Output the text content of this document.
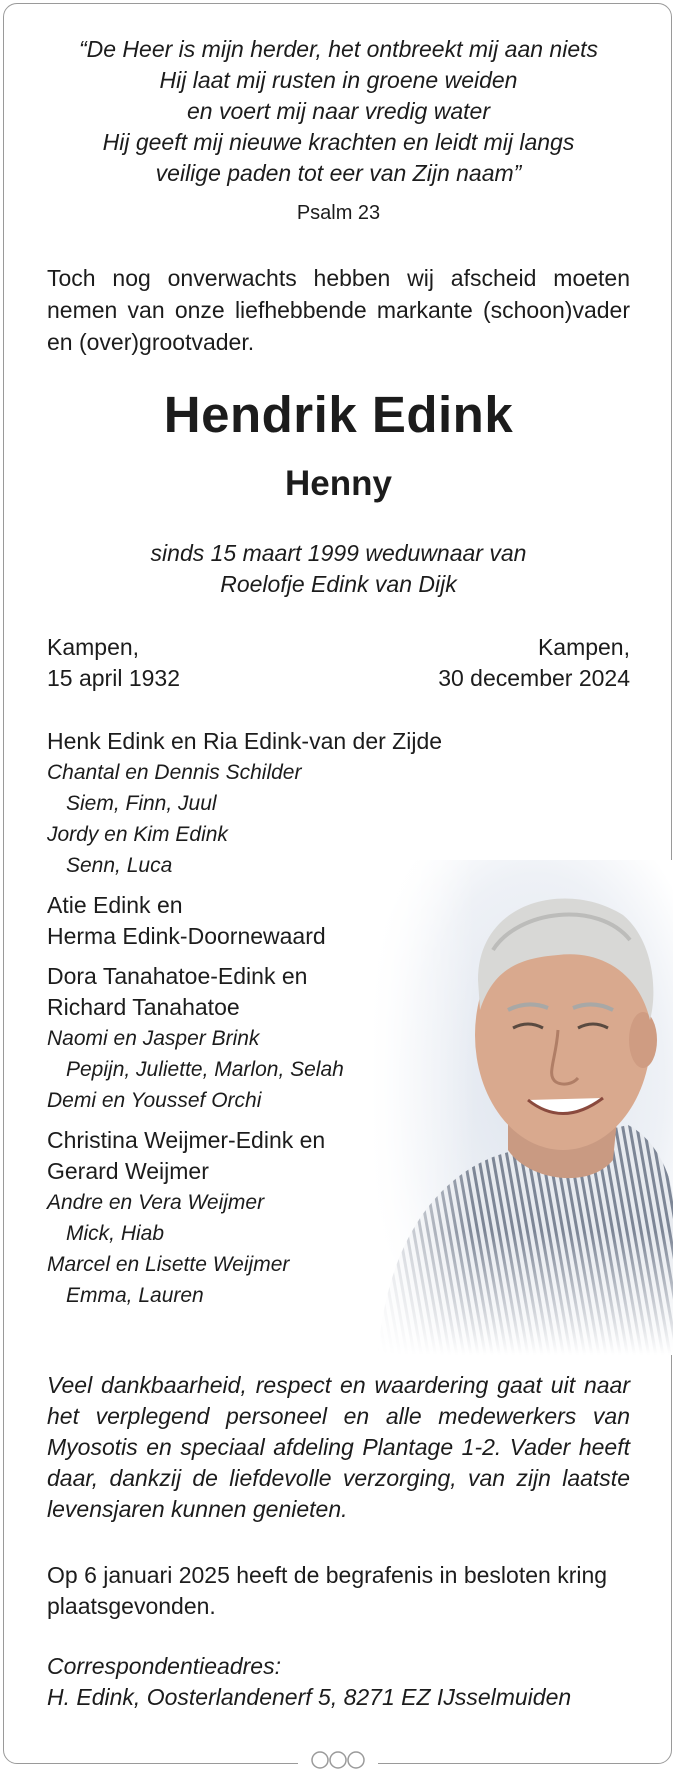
“De Heer is mijn herder, het ontbreekt mij aan niets
Hij laat mij rusten in groene weiden
en voert mij naar vredig water
Hij geeft mij nieuwe krachten en leidt mij langs
veilige paden tot eer van Zijn naam”
Psalm 23
Toch nog onverwachts hebben wij afscheid moeten nemen van onze liefhebbende markante (schoon)vader en (over)grootvader.
Hendrik Edink
Henny
sinds 15 maart 1999 weduwnaar van
Roelofje Edink van Dijk
Kampen,
15 april 1932
Kampen,
30 december 2024
Henk Edink en Ria Edink-van der Zijde
Chantal en Dennis Schilder
Siem, Finn, Juul
Jordy en Kim Edink
Senn, Luca
Atie Edink en
Herma Edink-Doornewaard
Dora Tanahatoe-Edink en
Richard Tanahatoe
Naomi en Jasper Brink
Pepijn, Juliette, Marlon, Selah
Demi en Youssef Orchi
Christina Weijmer-Edink en
Gerard Weijmer
Andre en Vera Weijmer
Mick, Hiab
Marcel en Lisette Weijmer
Emma, Lauren
Veel dankbaarheid, respect en waardering gaat uit naar het verplegend personeel en alle medewerkers van Myosotis en speciaal afdeling Plantage 1-2. Vader heeft daar, dankzij de liefdevolle verzorging, van zijn laatste levensjaren kunnen genieten.
Op 6 januari 2025 heeft de begrafenis in besloten kring plaatsgevonden.
Correspondentieadres:
H. Edink, Oosterlandenerf 5, 8271 EZ IJsselmuiden
